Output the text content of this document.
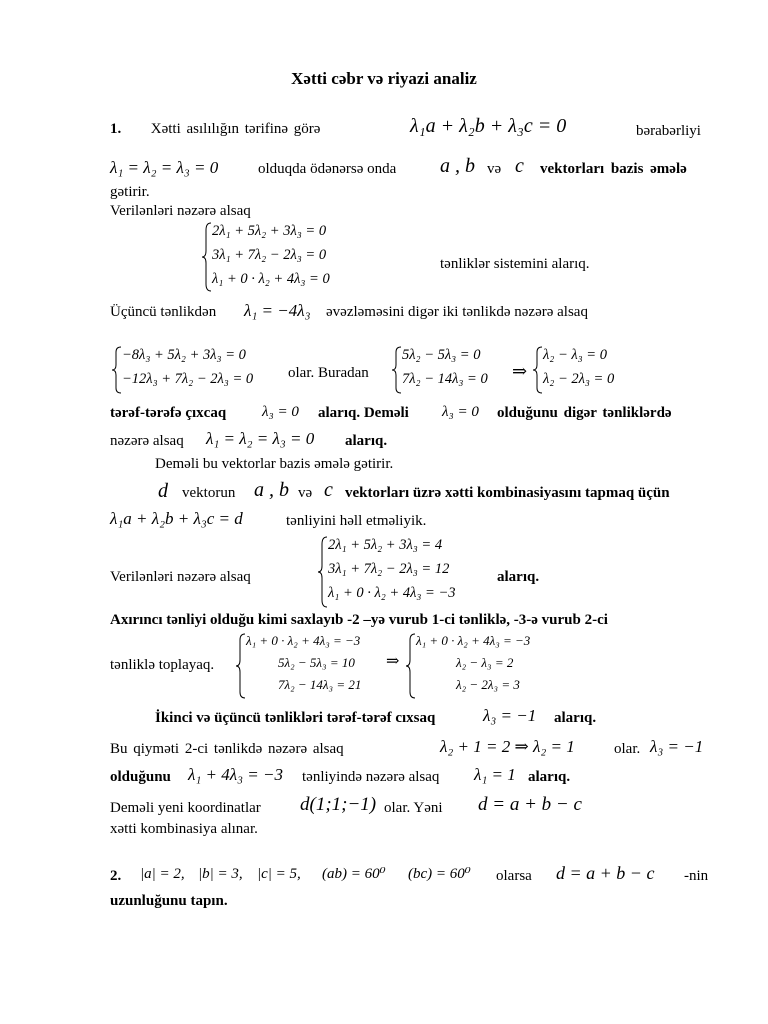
Xətti cəbr və riyazi analiz
1. Xətti asılılığın tərifinə görə	λ₁a + λ₂b + λ₃c = 0	bərabərliyi
λ₁ = λ₂ = λ₃ = 0	olduqda ödənərsə onda a , b və c vektorları bazis əmələ
gətirir.
Verilənləri nəzərə alsaq
2λ₁ + 5λ₂ + 3λ₃ = 0
3λ₁ + 7λ₂ − 2λ₃ = 0
λ₁ + 0 · λ₂ + 4λ₃ = 0
tənliklər sistemini alarıq.
Üçüncü tənlikdən λ₁ = −4λ₃ əvəzləməsini digər iki tənlikdə nəzərə alsaq
−8λ₃ + 5λ₂ + 3λ₃ = 0
−12λ₃ + 7λ₂ − 2λ₃ = 0 olar. Buradan
5λ₂ − 5λ₃ = 0
7λ₂ − 14λ₃ = 0 ⇒
λ₂ − λ₃ = 0
λ₂ − 2λ₃ = 0
tərəf-tərəfə çıxcaq λ₃ = 0 alarıq. Deməli λ₃ = 0 olduğunu digər tənliklərdə
nəzərə alsaq λ₁ = λ₂ = λ₃ = 0 alarıq.
Deməli bu vektorlar bazis əmələ gətirir.
d vektorun a , b və c vektorları üzrə xətti kombinasiyasını tapmaq üçün
λ₁a + λ₂b + λ₃c = d	tənliyini həll etməliyik.
2λ₁ + 5λ₂ + 3λ₃ = 4
3λ₁ + 7λ₂ − 2λ₃ = 12
λ₁ + 0 · λ₂ + 4λ₃ = −3
Verilənləri nəzərə alsaq	alarıq.
Axırıncı tənliyi olduğu kimi saxlayıb -2 –yə vurub 1-ci tənliklə, -3-ə vurub 2-ci
tənliklə toplayaq.
λ₁ + 0 · λ₂ + 4λ₃ = −3
5λ₂ − 5λ₃ = 10
7λ₂ − 14λ₃ = 21
⇒
λ₁ + 0 · λ₂ + 4λ₃ = −3
λ₂ − λ₃ = 2
λ₂ − 2λ₃ = 3
İkinci və üçüncü tənlikləri tərəf-tərəf cıxsaq	λ₃ = −1 alarıq.
Bu qiyməti 2-ci tənlikdə nəzərə alsaq	λ₂ + 1 = 2 ⇒ λ₂ = 1	olar. λ₃ = −1
olduğunu λ₁ + 4λ₃ = −3 tənliyində nəzərə alsaq λ₁ = 1 alarıq.
Deməli yeni koordinatlar d(1;1;−1) olar. Yəni d = a + b − c
xətti kombinasiya alınar.
2. |a| = 2, |b| = 3, |c| = 5, (ab) = 60⁰ (bc) = 60⁰ olarsa d = a + b − c -nin
uzunluğunu tapın.
